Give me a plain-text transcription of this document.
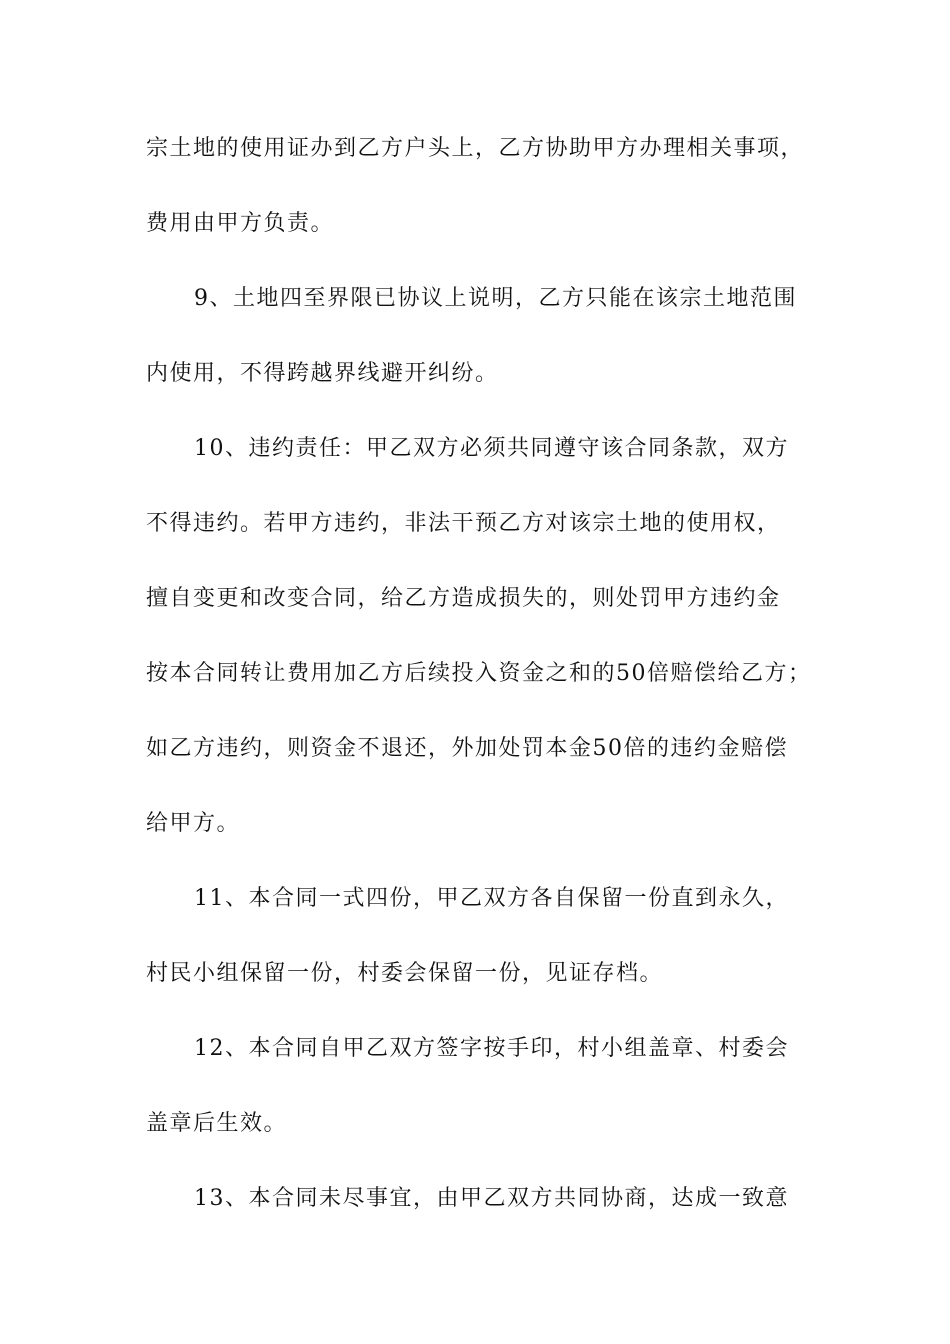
宗土地的使用证办到乙方户头上，乙方协助甲方办理相关事项，
费用由甲方负责。
9、土地四至界限已协议上说明，乙方只能在该宗土地范围
内使用，不得跨越界线避开纠纷。
10、违约责任：甲乙双方必须共同遵守该合同条款，双方
不得违约。若甲方违约，非法干预乙方对该宗土地的使用权，
擅自变更和改变合同，给乙方造成损失的，则处罚甲方违约金
按本合同转让费用加乙方后续投入资金之和的50倍赔偿给乙方；
如乙方违约，则资金不退还，外加处罚本金50倍的违约金赔偿
给甲方。
11、本合同一式四份，甲乙双方各自保留一份直到永久，
村民小组保留一份，村委会保留一份，见证存档。
12、本合同自甲乙双方签字按手印，村小组盖章、村委会
盖章后生效。
13、本合同未尽事宜，由甲乙双方共同协商，达成一致意
